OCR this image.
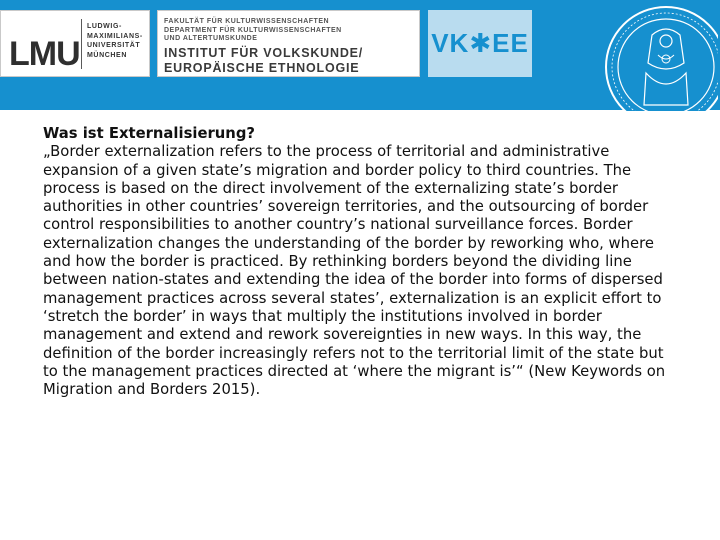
LMU
LUDWIG-
MAXIMILIANS-
UNIVERSITÄT
MÜNCHEN
FAKULTÄT FÜR KULTURWISSENSCHAFTEN
DEPARTMENT FÜR KULTURWISSENSCHAFTEN
UND ALTERTUMSKUNDE
INSTITUT FÜR VOLKSKUNDE/
EUROPÄISCHE ETHNOLOGIE
VK✱EE
Was ist Externalisierung?
„Border externalization refers to the process of territorial and administrative expansion of a given state’s migration and border policy to third countries. The process is based on the direct involvement of the externalizing state’s border authorities in other countries’ sovereign territories, and the outsourcing of border control responsibilities to another country’s national surveillance forces. Border externalization changes the understanding of the border by reworking who, where and how the border is practiced. By rethinking borders beyond the dividing line between nation-states and extending the idea of the border into forms of dispersed management practices across several states’, externalization is an explicit effort to ‘stretch the border’ in ways that multiply the institutions involved in border management and extend and rework sovereignties in new ways. In this way, the definition of the border increasingly refers not to the territorial limit of the state but to the management practices directed at ‘where the migrant is’“ (New Keywords on Migration and Borders 2015).
